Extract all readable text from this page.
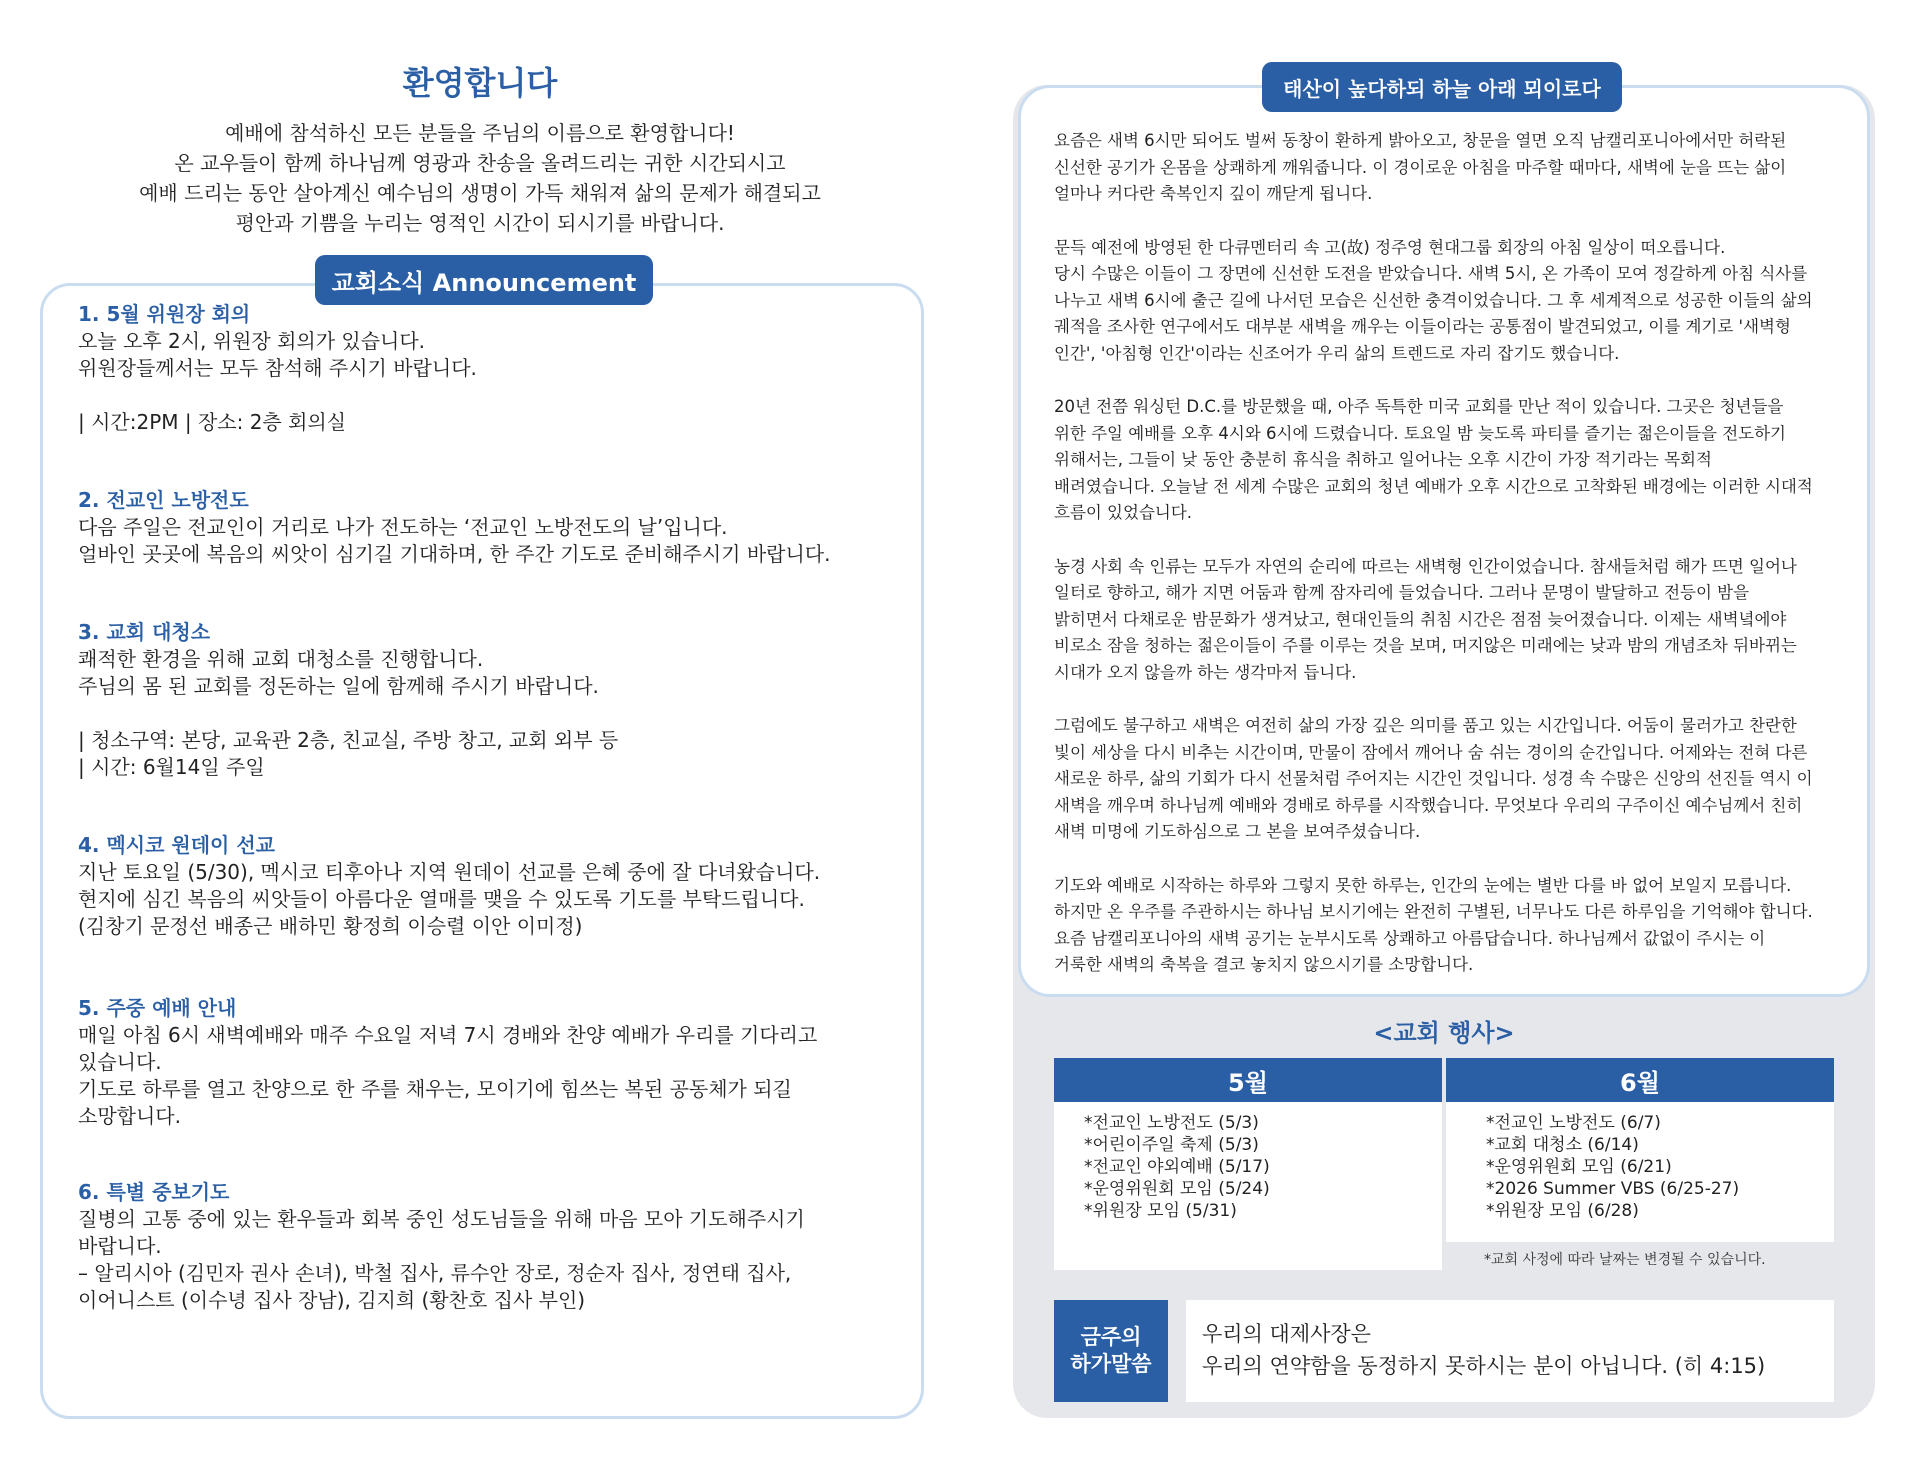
환영합니다
예배에 참석하신 모든 분들을 주님의 이름으로 환영합니다!
온 교우들이 함께 하나님께 영광과 찬송을 올려드리는 귀한 시간되시고
예배 드리는 동안 살아계신 예수님의 생명이 가득 채워져 삶의 문제가 해결되고
평안과 기쁨을 누리는 영적인 시간이 되시기를 바랍니다.
교회소식 Announcement
1. 5월 위원장 회의
오늘 오후 2시, 위원장 회의가 있습니다.
위원장들께서는 모두 참석해 주시기 바랍니다.
| 시간:2PM | 장소: 2층 회의실
2. 전교인 노방전도
다음 주일은 전교인이 거리로 나가 전도하는 ‘전교인 노방전도의 날’입니다.
얼바인 곳곳에 복음의 씨앗이 심기길 기대하며, 한 주간 기도로 준비해주시기 바랍니다.
3. 교회 대청소
쾌적한 환경을 위해 교회 대청소를 진행합니다.
주님의 몸 된 교회를 정돈하는 일에 함께해 주시기 바랍니다.
| 청소구역: 본당, 교육관 2층, 친교실, 주방 창고, 교회 외부 등
| 시간: 6월14일 주일
4. 멕시코 원데이 선교
지난 토요일 (5/30), 멕시코 티후아나 지역 원데이 선교를 은혜 중에 잘 다녀왔습니다.
현지에 심긴 복음의 씨앗들이 아름다운 열매를 맺을 수 있도록 기도를 부탁드립니다.
(김창기 문정선 배종근 배하민 황정희 이승렬 이안 이미정)
5. 주중 예배 안내
매일 아침 6시 새벽예배와 매주 수요일 저녁 7시 경배와 찬양 예배가 우리를 기다리고
있습니다.
기도로 하루를 열고 찬양으로 한 주를 채우는, 모이기에 힘쓰는 복된 공동체가 되길
소망합니다.
6. 특별 중보기도
질병의 고통 중에 있는 환우들과 회복 중인 성도님들을 위해 마음 모아 기도해주시기
바랍니다.
– 알리시아 (김민자 권사 손녀), 박철 집사, 류수안 장로, 정순자 집사, 정연태 집사,
이어니스트 (이수녕 집사 장남), 김지희 (황찬호 집사 부인)
태산이 높다하되 하늘 아래 뫼이로다
요즘은 새벽 6시만 되어도 벌써 동창이 환하게 밝아오고, 창문을 열면 오직 남캘리포니아에서만 허락된
신선한 공기가 온몸을 상쾌하게 깨워줍니다. 이 경이로운 아침을 마주할 때마다, 새벽에 눈을 뜨는 삶이
얼마나 커다란 축복인지 깊이 깨닫게 됩니다.
문득 예전에 방영된 한 다큐멘터리 속 고(故) 정주영 현대그룹 회장의 아침 일상이 떠오릅니다.
당시 수많은 이들이 그 장면에 신선한 도전을 받았습니다. 새벽 5시, 온 가족이 모여 정갈하게 아침 식사를
나누고 새벽 6시에 출근 길에 나서던 모습은 신선한 충격이었습니다. 그 후 세계적으로 성공한 이들의 삶의
궤적을 조사한 연구에서도 대부분 새벽을 깨우는 이들이라는 공통점이 발견되었고, 이를 계기로 '새벽형
인간', '아침형 인간'이라는 신조어가 우리 삶의 트렌드로 자리 잡기도 했습니다.
20년 전쯤 워싱턴 D.C.를 방문했을 때, 아주 독특한 미국 교회를 만난 적이 있습니다. 그곳은 청년들을
위한 주일 예배를 오후 4시와 6시에 드렸습니다. 토요일 밤 늦도록 파티를 즐기는 젊은이들을 전도하기
위해서는, 그들이 낮 동안 충분히 휴식을 취하고 일어나는 오후 시간이 가장 적기라는 목회적
배려였습니다. 오늘날 전 세계 수많은 교회의 청년 예배가 오후 시간으로 고착화된 배경에는 이러한 시대적
흐름이 있었습니다.
농경 사회 속 인류는 모두가 자연의 순리에 따르는 새벽형 인간이었습니다. 참새들처럼 해가 뜨면 일어나
일터로 향하고, 해가 지면 어둠과 함께 잠자리에 들었습니다. 그러나 문명이 발달하고 전등이 밤을
밝히면서 다채로운 밤문화가 생겨났고, 현대인들의 취침 시간은 점점 늦어졌습니다. 이제는 새벽녘에야
비로소 잠을 청하는 젊은이들이 주를 이루는 것을 보며, 머지않은 미래에는 낮과 밤의 개념조차 뒤바뀌는
시대가 오지 않을까 하는 생각마저 듭니다.
그럼에도 불구하고 새벽은 여전히 삶의 가장 깊은 의미를 품고 있는 시간입니다. 어둠이 물러가고 찬란한
빛이 세상을 다시 비추는 시간이며, 만물이 잠에서 깨어나 숨 쉬는 경이의 순간입니다. 어제와는 전혀 다른
새로운 하루, 삶의 기회가 다시 선물처럼 주어지는 시간인 것입니다. 성경 속 수많은 신앙의 선진들 역시 이
새벽을 깨우며 하나님께 예배와 경배로 하루를 시작했습니다. 무엇보다 우리의 구주이신 예수님께서 친히
새벽 미명에 기도하심으로 그 본을 보여주셨습니다.
기도와 예배로 시작하는 하루와 그렇지 못한 하루는, 인간의 눈에는 별반 다를 바 없어 보일지 모릅니다.
하지만 온 우주를 주관하시는 하나님 보시기에는 완전히 구별된, 너무나도 다른 하루임을 기억해야 합니다.
요즘 남캘리포니아의 새벽 공기는 눈부시도록 상쾌하고 아름답습니다. 하나님께서 값없이 주시는 이
거룩한 새벽의 축복을 결코 놓치지 않으시기를 소망합니다.
<교회 행사>
5월
*전교인 노방전도 (5/3)
*어린이주일 축제 (5/3)
*전교인 야외예배 (5/17)
*운영위원회 모임 (5/24)
*위원장 모임 (5/31)
6월
*전교인 노방전도 (6/7)
*교회 대청소 (6/14)
*운영위원회 모임 (6/21)
*2026 Summer VBS (6/25-27)
*위원장 모임 (6/28)
*교회 사정에 따라 날짜는 변경될 수 있습니다.
금주의
하가말씀
우리의 대제사장은
우리의 연약함을 동정하지 못하시는 분이 아닙니다. (히 4:15)
